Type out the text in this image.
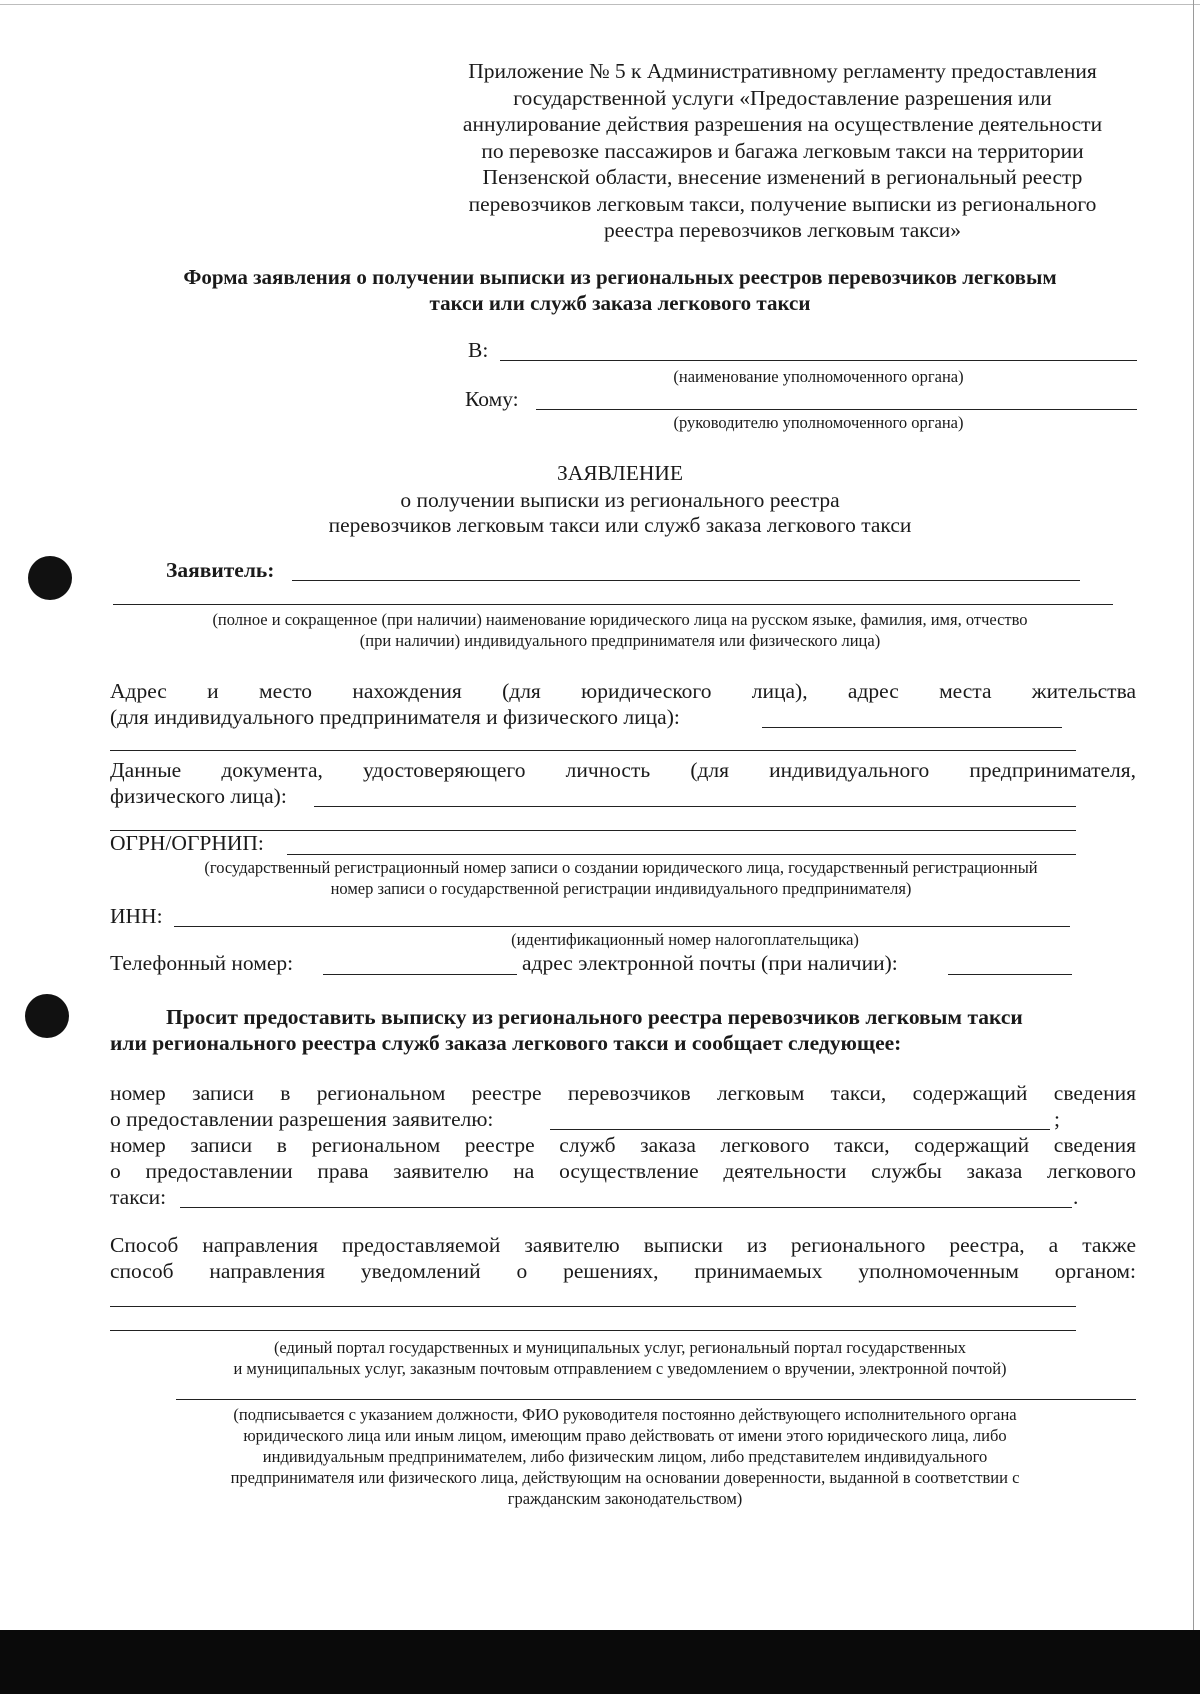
Приложение № 5 к Административному регламенту предоставления
государственной услуги «Предоставление разрешения или
аннулирование действия разрешения на осуществление деятельности
по перевозке пассажиров и багажа легковым такси на территории
Пензенской области, внесение изменений в региональный реестр
перевозчиков легковым такси, получение выписки из регионального
реестра перевозчиков легковым такси»
Форма заявления о получении выписки из региональных реестров перевозчиков легковым
такси или служб заказа легкового такси
В:
(наименование уполномоченного органа)
Кому:
(руководителю уполномоченного органа)
ЗАЯВЛЕНИЕ
о получении выписки из регионального реестра
перевозчиков легковым такси или служб заказа легкового такси
Заявитель:
(полное и сокращенное (при наличии) наименование юридического лица на русском языке, фамилия, имя, отчество
(при наличии) индивидуального предпринимателя или физического лица)
Адрес и место нахождения (для юридического лица), адрес места жительства
(для индивидуального предпринимателя и физического лица):
Данные документа, удостоверяющего личность (для индивидуального предпринимателя,
физического лица):
ОГРН/ОГРНИП:
(государственный регистрационный номер записи о создании юридического лица, государственный регистрационный
номер записи о государственной регистрации индивидуального предпринимателя)
ИНН:
(идентификационный номер налогоплательщика)
Телефонный номер:	адрес электронной почты (при наличии):
Просит предоставить выписку из регионального реестра перевозчиков легковым такси
или регионального реестра служб заказа легкового такси и сообщает следующее:
номер записи в региональном реестре перевозчиков легковым такси, содержащий сведения
о предоставлении разрешения заявителю:	;
номер записи в региональном реестре служб заказа легкового такси, содержащий сведения
о предоставлении права заявителю на осуществление деятельности службы заказа легкового
такси:	.
Способ направления предоставляемой заявителю выписки из регионального реестра, а также
способ направления уведомлений о решениях, принимаемых уполномоченным органом:
(единый портал государственных и муниципальных услуг, региональный портал государственных
и муниципальных услуг, заказным почтовым отправлением с уведомлением о вручении, электронной почтой)
(подписывается с указанием должности, ФИО руководителя постоянно действующего исполнительного органа
юридического лица или иным лицом, имеющим право действовать от имени этого юридического лица, либо
индивидуальным предпринимателем, либо физическим лицом, либо представителем индивидуального
предпринимателя или физического лица, действующим на основании доверенности, выданной в соответствии с
гражданским законодательством)
